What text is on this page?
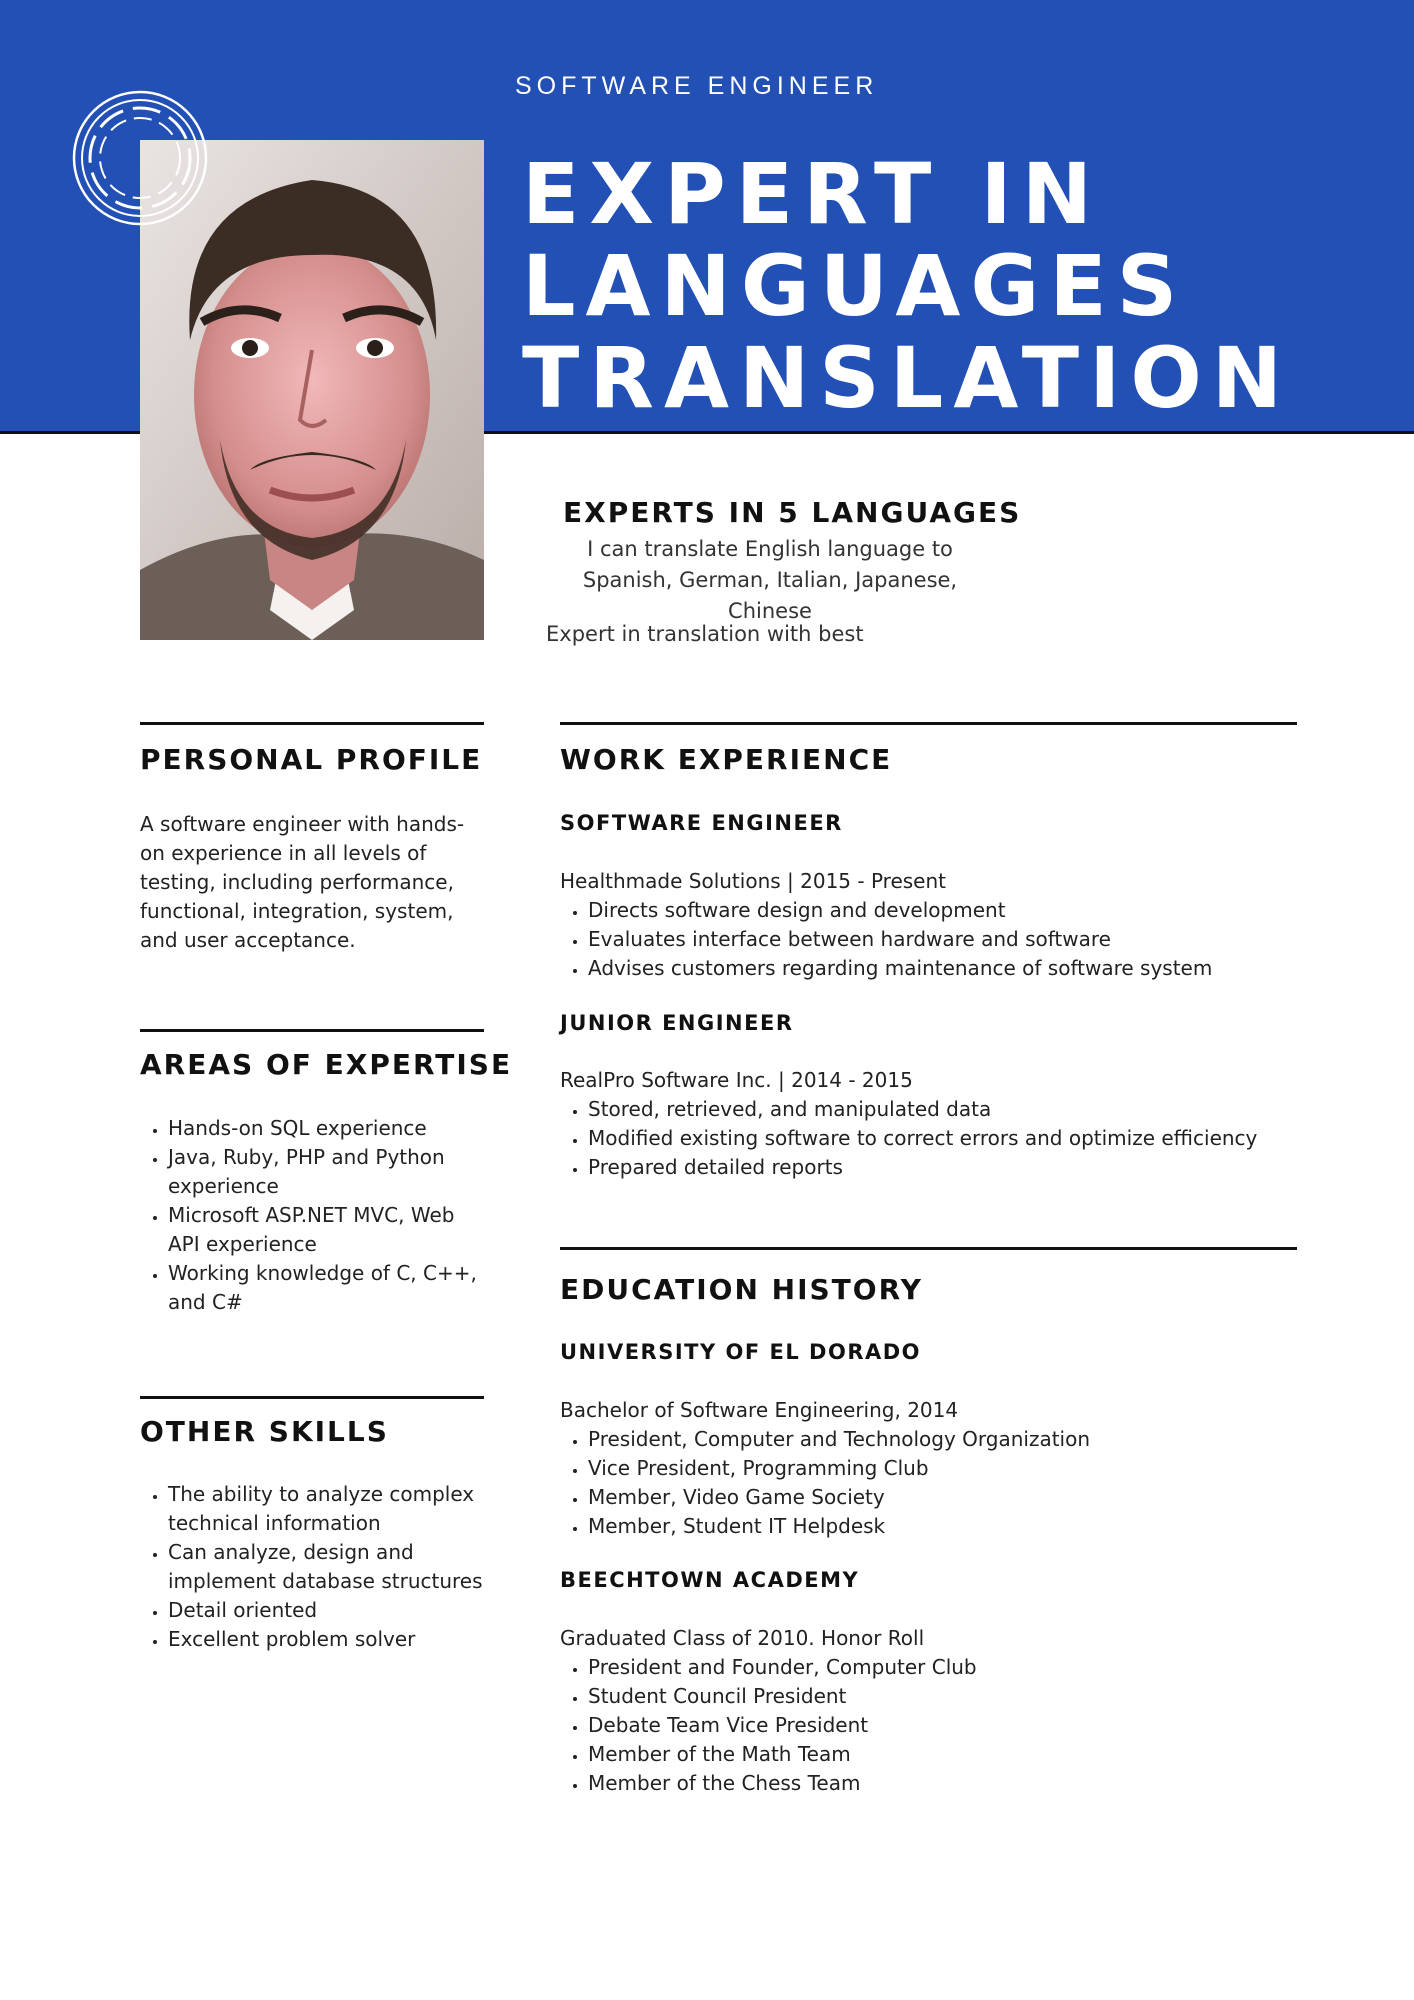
SOFTWARE ENGINEER
EXPERT IN
LANGUAGES
TRANSLATION
EXPERTS IN 5 LANGUAGES
I can translate English language to Spanish, German, Italian, Japanese, Chinese
Expert in translation with best
PERSONAL PROFILE
A software engineer with hands-on experience in all levels of testing, including performance, functional, integration, system, and user acceptance.
AREAS OF EXPERTISE
• Hands-on SQL experience
• Java, Ruby, PHP and Python experience
• Microsoft ASP.NET MVC, Web API experience
• Working knowledge of C, C++, and C#
OTHER SKILLS
• The ability to analyze complex technical information
• Can analyze, design and implement database structures
• Detail oriented
• Excellent problem solver
WORK EXPERIENCE
SOFTWARE ENGINEER
Healthmade Solutions | 2015 - Present
• Directs software design and development
• Evaluates interface between hardware and software
• Advises customers regarding maintenance of software system
JUNIOR ENGINEER
RealPro Software Inc. | 2014 - 2015
• Stored, retrieved, and manipulated data
• Modified existing software to correct errors and optimize efficiency
• Prepared detailed reports
EDUCATION HISTORY
UNIVERSITY OF EL DORADO
Bachelor of Software Engineering, 2014
• President, Computer and Technology Organization
• Vice President, Programming Club
• Member, Video Game Society
• Member, Student IT Helpdesk
BEECHTOWN ACADEMY
Graduated Class of 2010. Honor Roll
• President and Founder, Computer Club
• Student Council President
• Debate Team Vice President
• Member of the Math Team
• Member of the Chess Team
